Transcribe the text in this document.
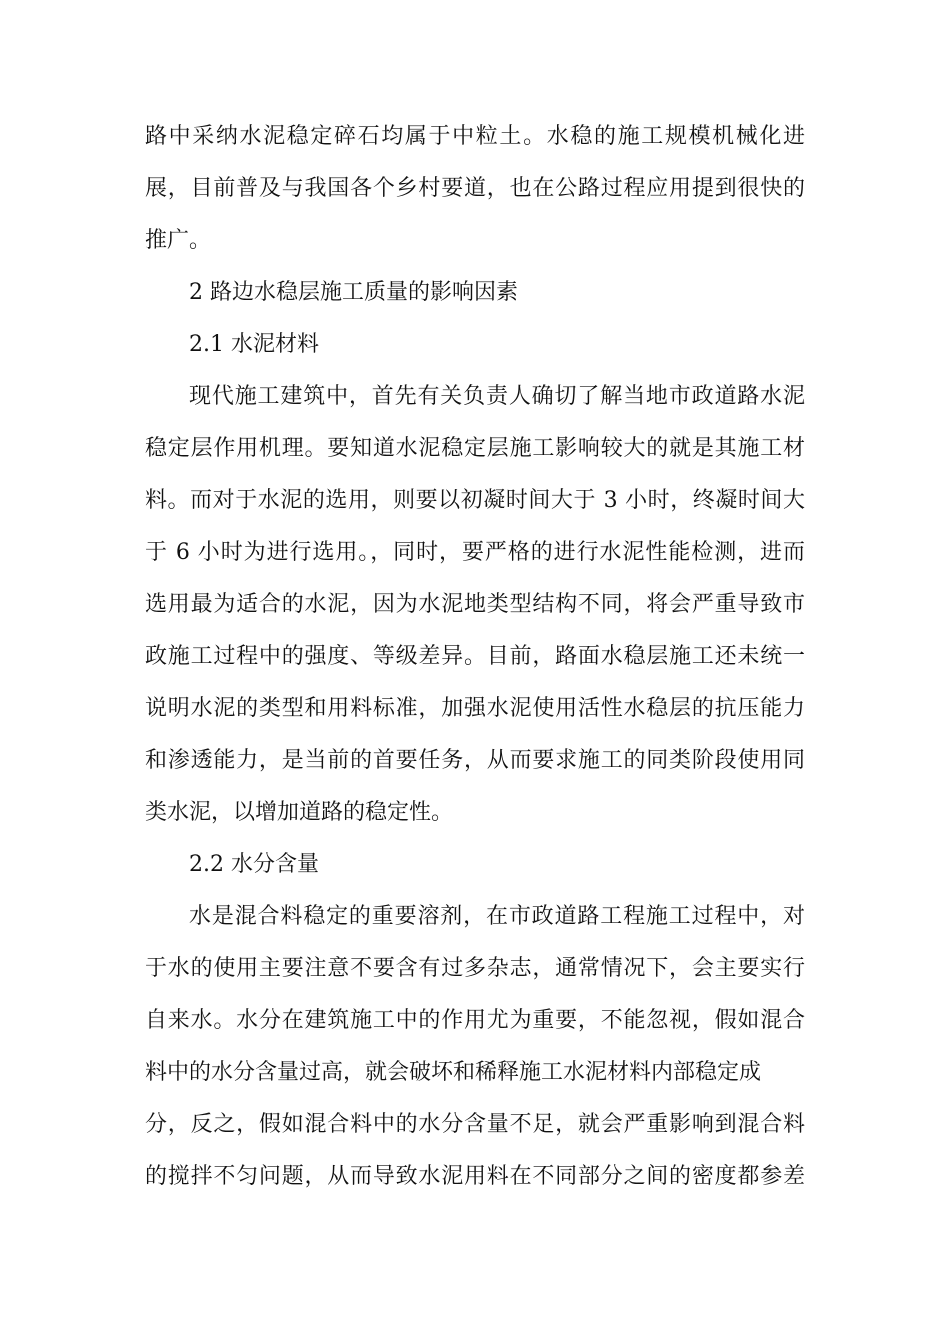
路中采纳水泥稳定碎石均属于中粒土。水稳的施工规模机械化进
展，目前普及与我国各个乡村要道，也在公路过程应用提到很快的
推广。
2 路边水稳层施工质量的影响因素
2.1 水泥材料
现代施工建筑中，首先有关负责人确切了解当地市政道路水泥
稳定层作用机理。要知道水泥稳定层施工影响较大的就是其施工材
料。而对于水泥的选用，则要以初凝时间大于 3 小时，终凝时间大
于 6 小时为进行选用。，同时，要严格的进行水泥性能检测，进而
选用最为适合的水泥，因为水泥地类型结构不同，将会严重导致市
政施工过程中的强度、等级差异。目前，路面水稳层施工还未统一
说明水泥的类型和用料标准，加强水泥使用活性水稳层的抗压能力
和渗透能力，是当前的首要任务，从而要求施工的同类阶段使用同
类水泥，以增加道路的稳定性。
2.2 水分含量
水是混合料稳定的重要溶剂，在市政道路工程施工过程中，对
于水的使用主要注意不要含有过多杂志，通常情况下，会主要实行
自来水。水分在建筑施工中的作用尤为重要，不能忽视，假如混合
料中的水分含量过高，就会破坏和稀释施工水泥材料内部稳定成
分，反之，假如混合料中的水分含量不足，就会严重影响到混合料
的搅拌不匀问题，从而导致水泥用料在不同部分之间的密度都参差
